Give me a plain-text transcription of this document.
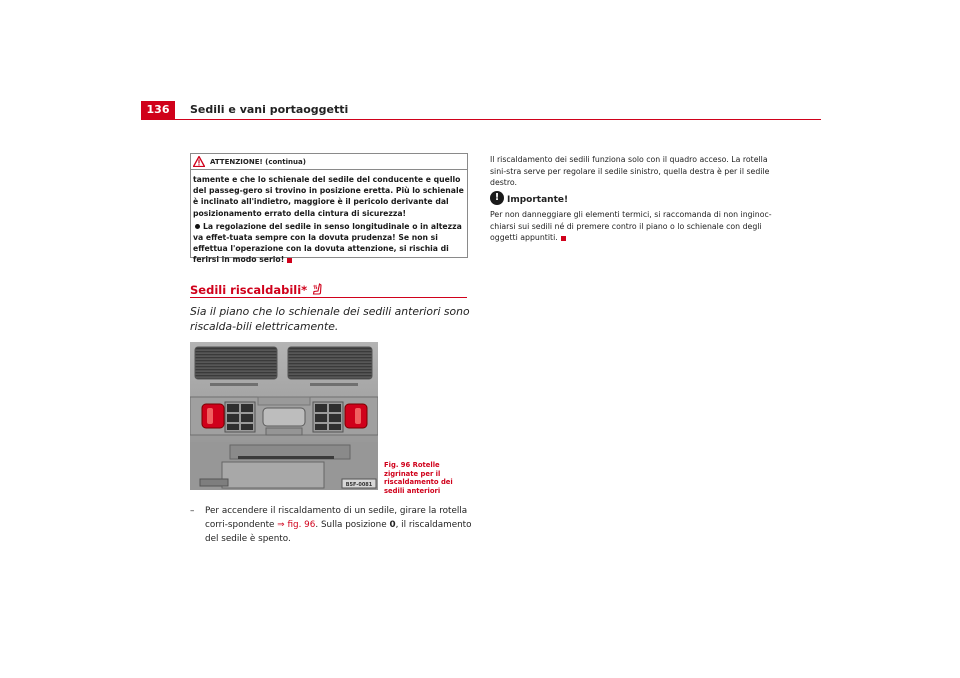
136	Sedili e vani portaoggetti
ATTENZIONE! (continua)
tamente e che lo schienale del sedile del conducente e quello del passeg-gero si trovino in posizione eretta. Più lo schienale è inclinato all'indietro, maggiore è il pericolo derivante dal posizionamento errato della cintura di sicurezza!
La regolazione del sedile in senso longitudinale o in altezza va effet-tuata sempre con la dovuta prudenza! Se non si effettua l'operazione con la dovuta attenzione, si rischia di ferirsi in modo serio!
Sedili riscaldabili*
Sia il piano che lo schienale dei sedili anteriori sono riscalda-bili elettricamente.
B5F-0081
Fig. 96 Rotelle zigrinate per il riscaldamento dei sedili anteriori
– Per accendere il riscaldamento di un sedile, girare la rotella corri-spondente ⇒ fig. 96. Sulla posizione 0, il riscaldamento del sedile è spento.
Il riscaldamento dei sedili funziona solo con il quadro acceso. La rotella sini-stra serve per regolare il sedile sinistro, quella destra è per il sedile destro.
! Importante!
Per non danneggiare gli elementi termici, si raccomanda di non inginoc-chiarsi sui sedili né di premere contro il piano o lo schienale con degli oggetti appuntiti.
